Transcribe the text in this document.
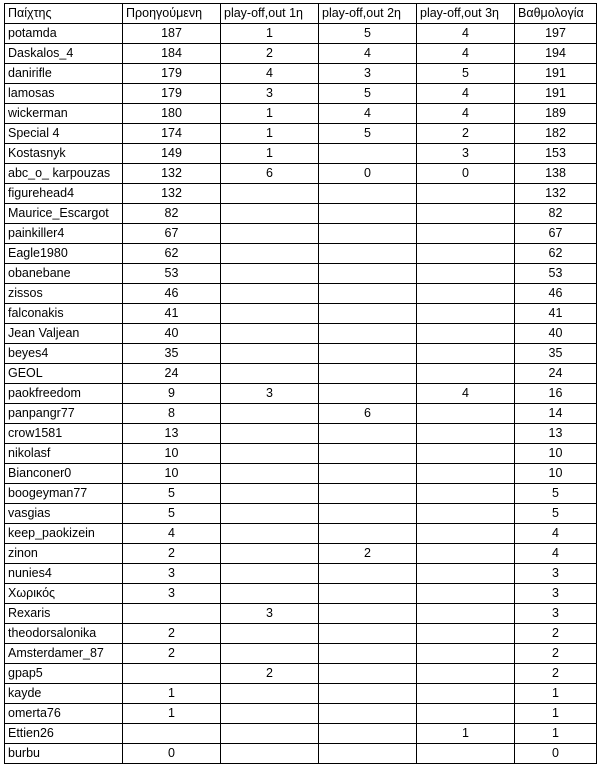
Παίχτης	Προηγούμενη	play-off,out 1η	play-off,out 2η	play-off,out 3η	Βαθμολογία
potamda	187	1	5	4	197
Daskalos_4	184	2	4	4	194
danirifle	179	4	3	5	191
lamosas	179	3	5	4	191
wickerman	180	1	4	4	189
Special 4	174	1	5	2	182
Kostasnyk	149	1		3	153
abc_o_ karpouzas	132	6	0	0	138
figurehead4	132				132
Maurice_Escargot	82				82
painkiller4	67				67
Eagle1980	62				62
obanebane	53				53
zissos	46				46
falconakis	41				41
Jean Valjean	40				40
beyes4	35				35
GEOL	24				24
paokfreedom	9	3		4	16
panpangr77	8		6		14
crow1581	13				13
nikolasf	10				10
Bianconer0	10				10
boogeyman77	5				5
vasgias	5				5
keep_paokizein	4				4
zinon	2		2		4
nunies4	3				3
Χωρικός	3				3
Rexaris		3			3
theodorsalonika	2				2
Amsterdamer_87	2				2
gpap5		2			2
kayde	1				1
omerta76	1				1
Ettien26				1	1
burbu	0				0
